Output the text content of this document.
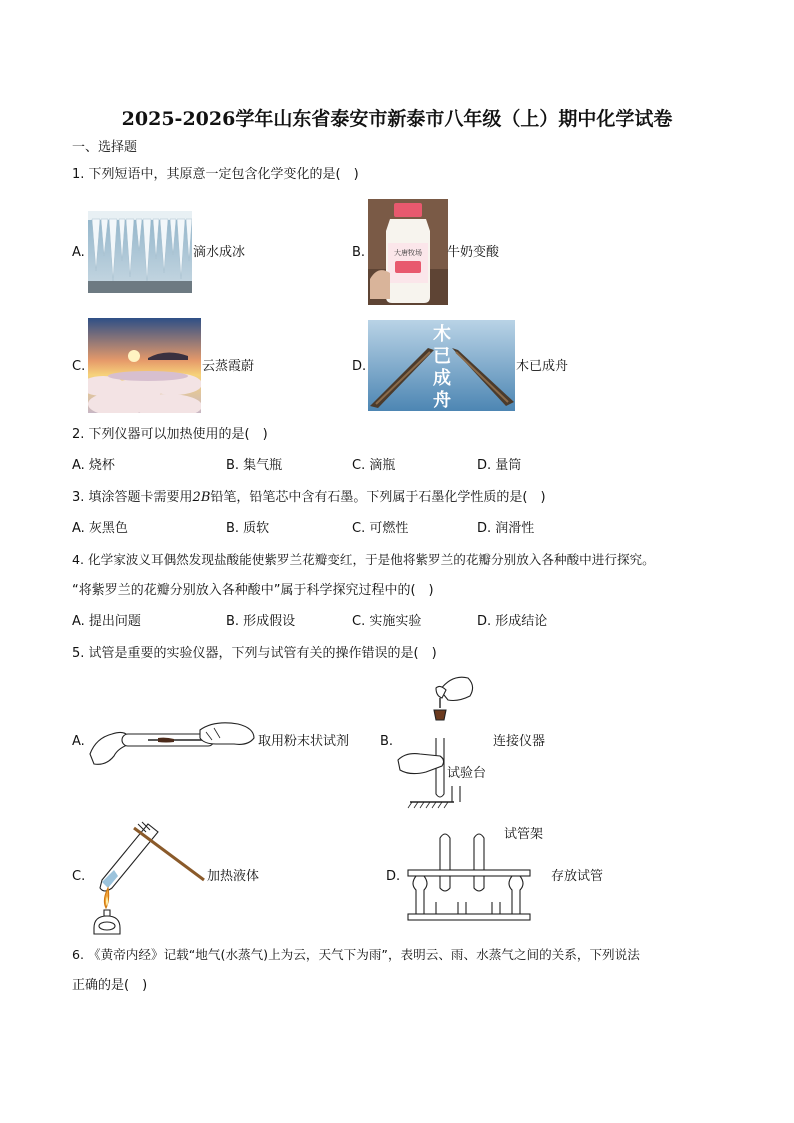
2025-2026学年山东省泰安市新泰市八年级（上）期中化学试卷
一、选择题
1. 下列短语中，其原意一定包含化学变化的是(　)
A.	滴水成冰	B.	大唐牧场 牛奶变酸
C.	云蒸霞蔚	D.
木
已
成
舟
木已成舟
2. 下列仪器可以加热使用的是(　)
A. 烧杯	B. 集气瓶	C. 滴瓶	D. 量筒
3. 填涂答题卡需要用2B铅笔，铅笔芯中含有石墨。下列属于石墨化学性质的是(　)
A. 灰黑色	B. 质软	C. 可燃性	D. 润滑性
4. 化学家波义耳偶然发现盐酸能使紫罗兰花瓣变红，于是他将紫罗兰的花瓣分别放入各种酸中进行探究。
“将紫罗兰的花瓣分别放入各种酸中”属于科学探究过程中的(　)
A. 提出问题	B. 形成假设	C. 实施实验	D. 形成结论
5. 试管是重要的实验仪器，下列与试管有关的操作错误的是(　)
A.	取用粉末状试剂 B.	连接仪器
试验台
C.	加热液体	D.
试管架
存放试管
6. 《黄帝内经》记载“地气(水蒸气)上为云，天气下为雨”，表明云、雨、水蒸气之间的关系，下列说法
正确的是(　)
